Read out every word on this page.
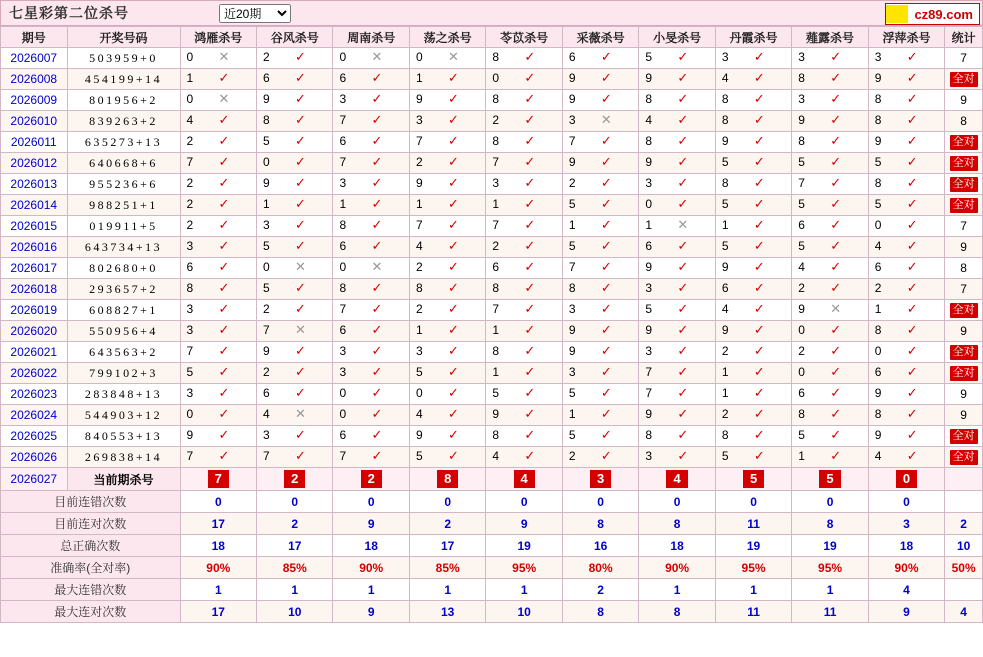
七星彩第二位杀号
近20期	cz89.com
期号	开奖号码	鸿雁杀号	谷风杀号	周南杀号	荡之杀号	苓苡杀号	采薇杀号	小旻杀号	丹霞杀号	薤露杀号	浮萍杀号	统计
2026007	503959+0	0 ✕	2 ✓	0 ✕	0 ✕	8 ✓	6 ✓	5 ✓	3 ✓	3 ✓	3 ✓	7
2026008	454199+14	1 ✓	6 ✓	6 ✓	1 ✓	0 ✓	9 ✓	9 ✓	4 ✓	8 ✓	9 ✓	全对
2026009	801956+2	0 ✕	9 ✓	3 ✓	9 ✓	8 ✓	9 ✓	8 ✓	8 ✓	3 ✓	8 ✓	9
2026010	839263+2	4 ✓	8 ✓	7 ✓	3 ✓	2 ✓	3 ✕	4 ✓	8 ✓	9 ✓	8 ✓	8
2026011	635273+13	2 ✓	5 ✓	6 ✓	7 ✓	8 ✓	7 ✓	8 ✓	9 ✓	8 ✓	9 ✓	全对
2026012	640668+6	7 ✓	0 ✓	7 ✓	2 ✓	7 ✓	9 ✓	9 ✓	5 ✓	5 ✓	5 ✓	全对
2026013	955236+6	2 ✓	9 ✓	3 ✓	9 ✓	3 ✓	2 ✓	3 ✓	8 ✓	7 ✓	8 ✓	全对
2026014	988251+1	2 ✓	1 ✓	1 ✓	1 ✓	1 ✓	5 ✓	0 ✓	5 ✓	5 ✓	5 ✓	全对
2026015	019911+5	2 ✓	3 ✓	8 ✓	7 ✓	7 ✓	1 ✓	1 ✕	1 ✓	6 ✓	0 ✓	7
2026016	643734+13	3 ✓	5 ✓	6 ✓	4 ✓	2 ✓	5 ✓	6 ✓	5 ✓	5 ✓	4 ✓	9
2026017	802680+0	6 ✓	0 ✕	0 ✕	2 ✓	6 ✓	7 ✓	9 ✓	9 ✓	4 ✓	6 ✓	8
2026018	293657+2	8 ✓	5 ✓	8 ✓	8 ✓	8 ✓	8 ✓	3 ✓	6 ✓	2 ✓	2 ✓	7
2026019	608827+1	3 ✓	2 ✓	7 ✓	2 ✓	7 ✓	3 ✓	5 ✓	4 ✓	9 ✕	1 ✓	全对
2026020	550956+4	3 ✓	7 ✕	6 ✓	1 ✓	1 ✓	9 ✓	9 ✓	9 ✓	0 ✓	8 ✓	9
2026021	643563+2	7 ✓	9 ✓	3 ✓	3 ✓	8 ✓	9 ✓	3 ✓	2 ✓	2 ✓	0 ✓	全对
2026022	799102+3	5 ✓	2 ✓	3 ✓	5 ✓	1 ✓	3 ✓	7 ✓	1 ✓	0 ✓	6 ✓	全对
2026023	283848+13	3 ✓	6 ✓	0 ✓	0 ✓	5 ✓	5 ✓	7 ✓	1 ✓	6 ✓	9 ✓	9
2026024	544903+12	0 ✓	4 ✕	0 ✓	4 ✓	9 ✓	1 ✓	9 ✓	2 ✓	8 ✓	8 ✓	9
2026025	840553+13	9 ✓	3 ✓	6 ✓	9 ✓	8 ✓	5 ✓	8 ✓	8 ✓	5 ✓	9 ✓	全对
2026026	269838+14	7 ✓	7 ✓	7 ✓	5 ✓	4 ✓	2 ✓	3 ✓	5 ✓	1 ✓	4 ✓	全对
2026027	当前期杀号	7	2	2	8	4	3	4	5	5	0	
目前连错次数		0	0	0	0	0	0	0	0	0	0	
目前连对次数		17	2	9	2	9	8	8	11	8	3	2
总正确次数		18	17	18	17	19	16	18	19	19	18	10
准确率(全对率)		90%	85%	90%	85%	95%	80%	90%	95%	95%	90%	50%
最大连错次数		1	1	1	1	1	2	1	1	1	4	
最大连对次数		17	10	9	13	10	8	8	11	11	9	4
